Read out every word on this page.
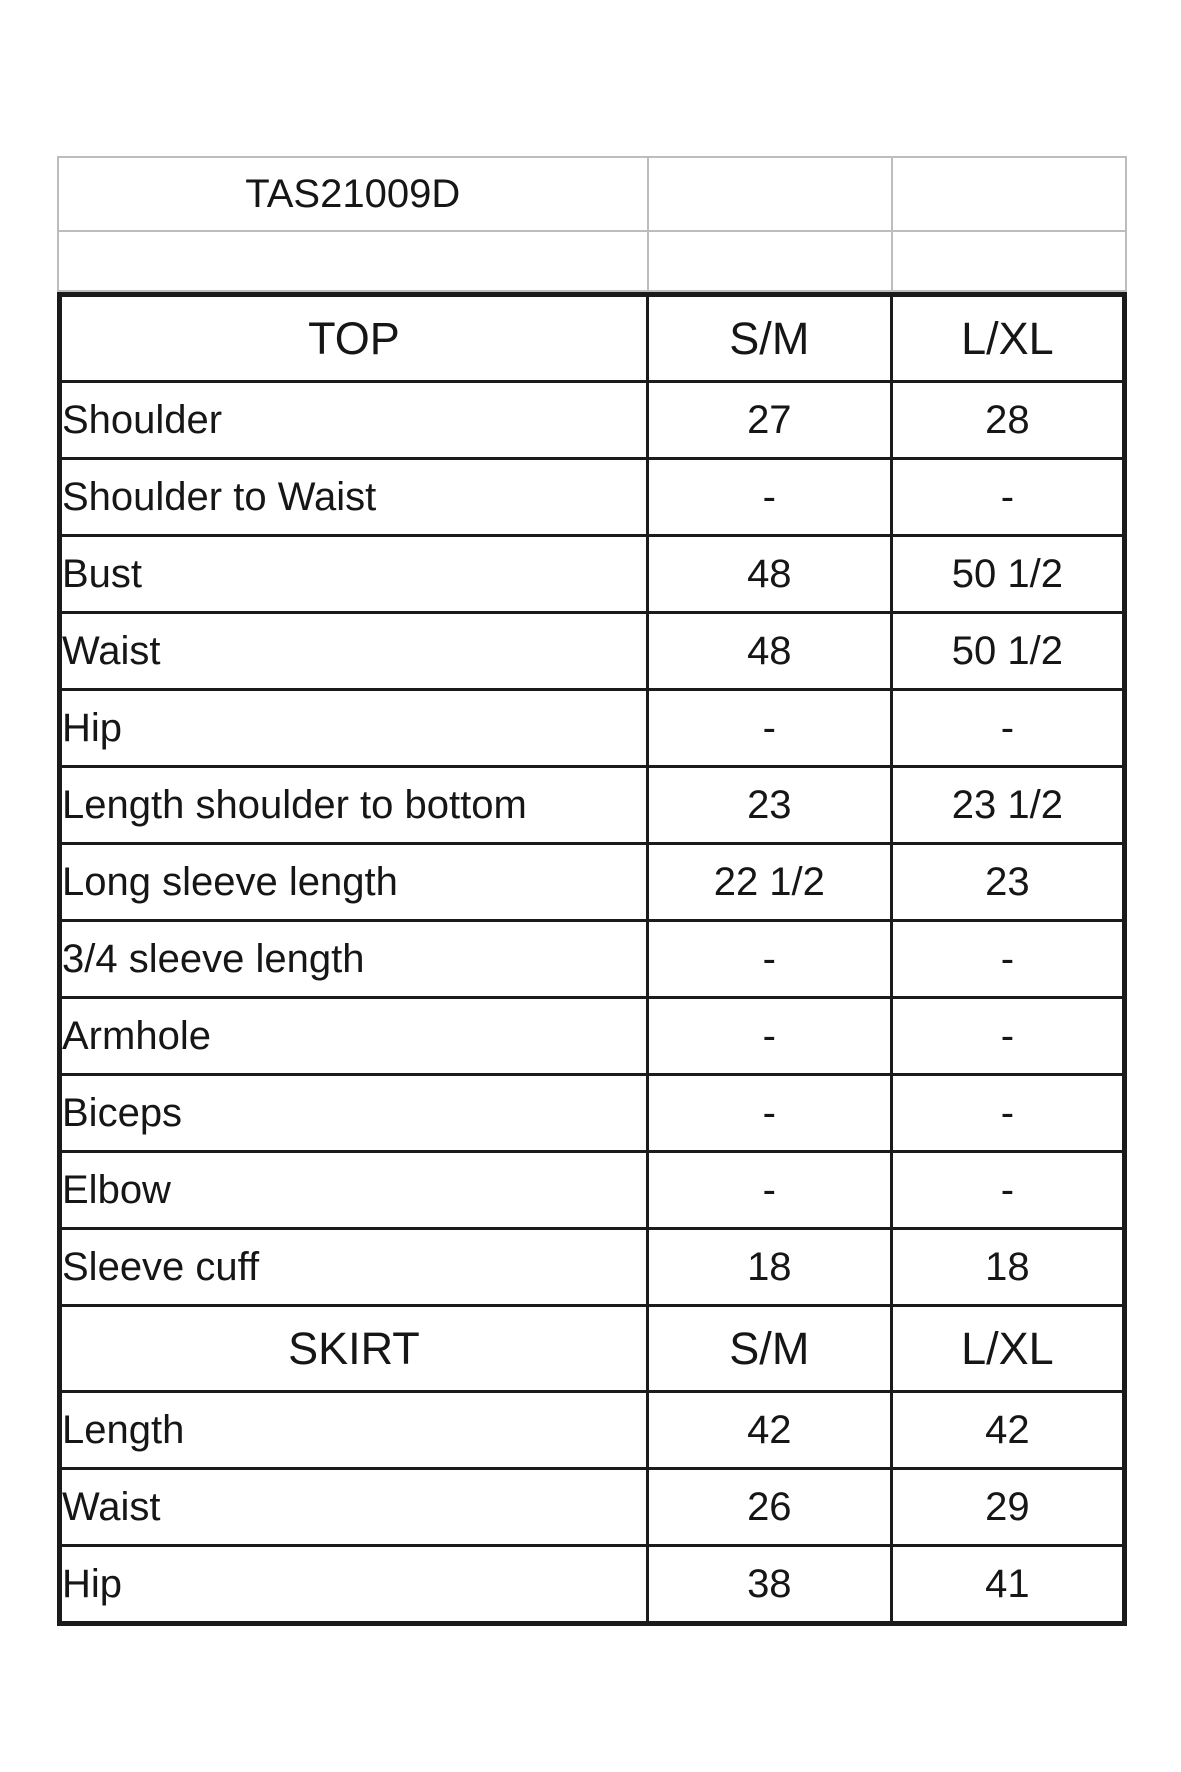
TAS21009D		

TOP	S/M	L/XL
Shoulder	27	28
Shoulder to Waist	-	-
Bust	48	50 1/2
Waist	48	50 1/2
Hip	-	-
Length shoulder to bottom	23	23 1/2
Long sleeve length	22 1/2	23
3/4 sleeve length	-	-
Armhole	-	-
Biceps	-	-
Elbow	-	-
Sleeve cuff	18	18
SKIRT	S/M	L/XL
Length	42	42
Waist	26	29
Hip	38	41
